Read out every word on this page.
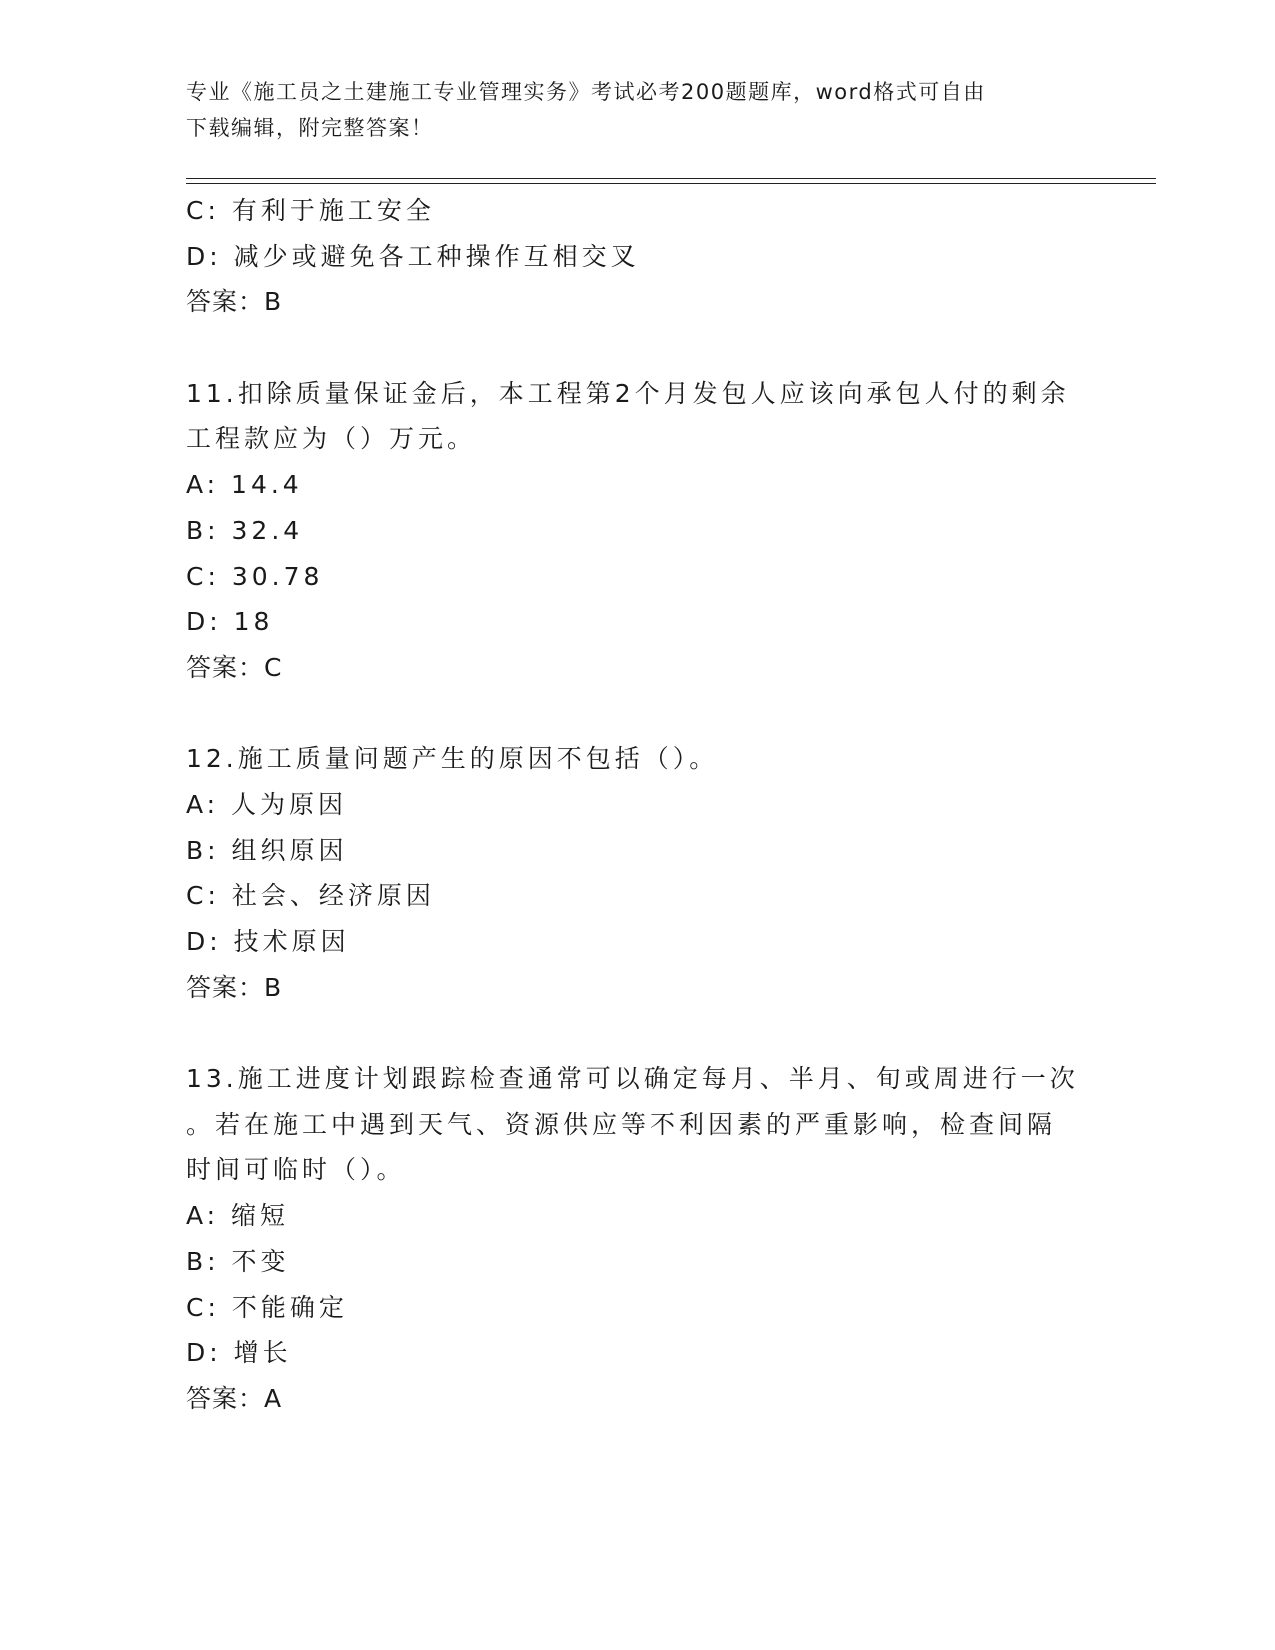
专业《施工员之土建施工专业管理实务》考试必考200题题库，word格式可自由
下载编辑，附完整答案！
C: 有利于施工安全
D: 减少或避免各工种操作互相交叉
答案：B
11.扣除质量保证金后，本工程第2个月发包人应该向承包人付的剩余
工程款应为（）万元。
A: 14.4
B: 32.4
C: 30.78
D: 18
答案：C
12.施工质量问题产生的原因不包括（）。
A: 人为原因
B: 组织原因
C: 社会、经济原因
D: 技术原因
答案：B
13.施工进度计划跟踪检查通常可以确定每月、半月、旬或周进行一次
。若在施工中遇到天气、资源供应等不利因素的严重影响，检查间隔
时间可临时（）。
A: 缩短
B: 不变
C: 不能确定
D: 增长
答案：A
